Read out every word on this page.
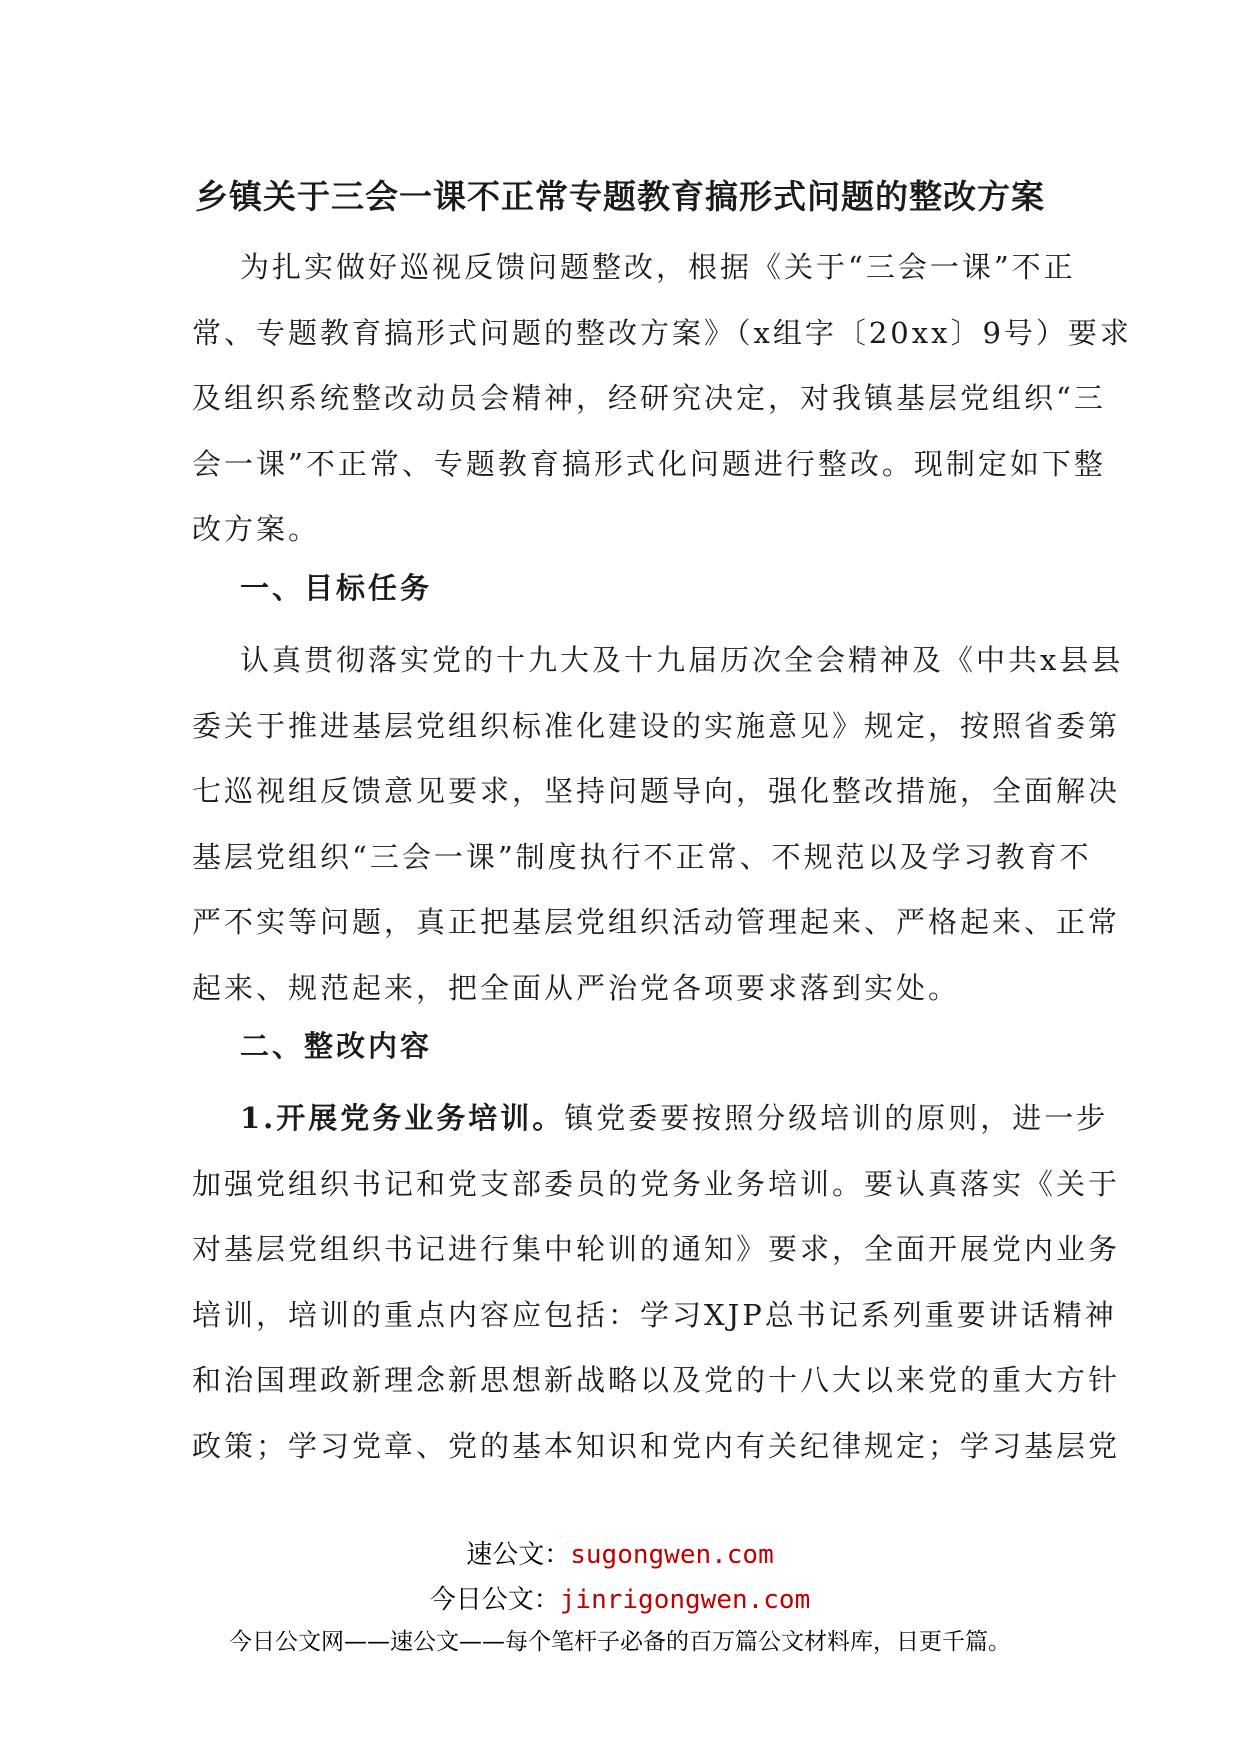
乡镇关于三会一课不正常专题教育搞形式问题的整改方案

为扎实做好巡视反馈问题整改，根据《关于“三会一课”不正
常、专题教育搞形式问题的整改方案》（x组字〔20xx〕9号）要求
及组织系统整改动员会精神，经研究决定，对我镇基层党组织“三
会一课”不正常、专题教育搞形式化问题进行整改。现制定如下整
改方案。

一、目标任务

认真贯彻落实党的十九大及十九届历次全会精神及《中共x县县
委关于推进基层党组织标准化建设的实施意见》规定，按照省委第
七巡视组反馈意见要求，坚持问题导向，强化整改措施，全面解决
基层党组织“三会一课”制度执行不正常、不规范以及学习教育不
严不实等问题，真正把基层党组织活动管理起来、严格起来、正常
起来、规范起来，把全面从严治党各项要求落到实处。

二、整改内容

1.开展党务业务培训。镇党委要按照分级培训的原则，进一步
加强党组织书记和党支部委员的党务业务培训。要认真落实《关于
对基层党组织书记进行集中轮训的通知》要求，全面开展党内业务
培训，培训的重点内容应包括：学习XJP总书记系列重要讲话精神
和治国理政新理念新思想新战略以及党的十八大以来党的重大方针
政策；学习党章、党的基本知识和党内有关纪律规定；学习基层党

速公文：sugongwen.com
今日公文：jinrigongwen.com
今日公文网——速公文——每个笔杆子必备的百万篇公文材料库，日更千篇。
